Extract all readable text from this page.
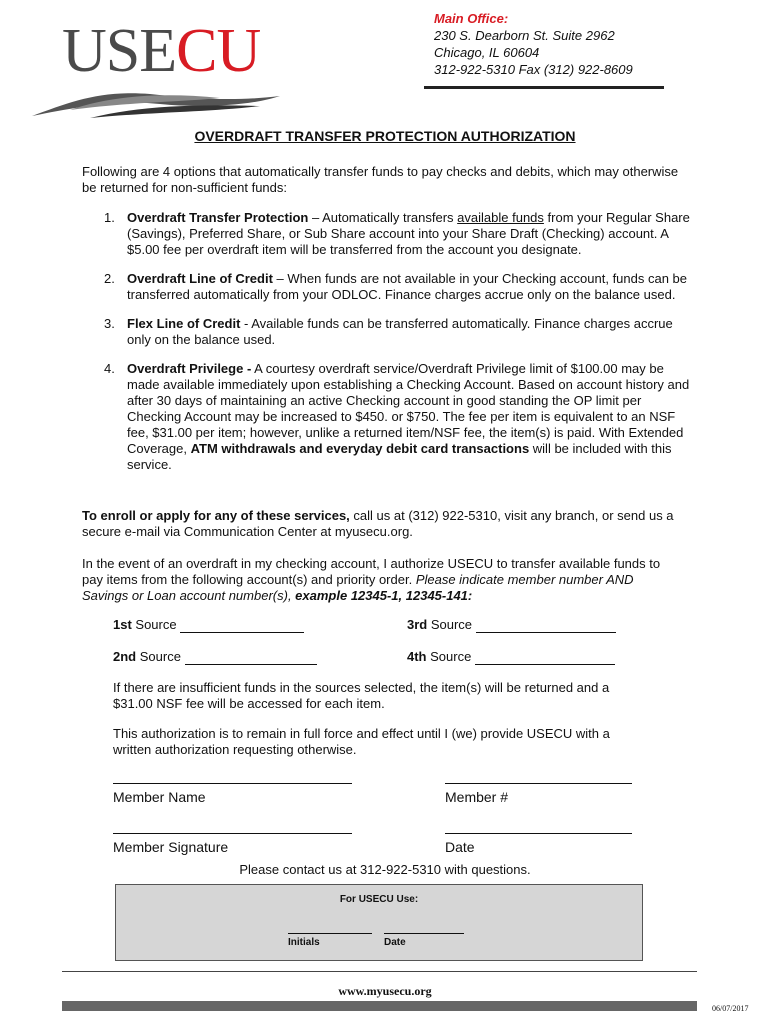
USECU	Main Office:
230 S. Dearborn St. Suite 2962
Chicago, IL 60604
312-922-5310 Fax (312) 922-8609
OVERDRAFT TRANSFER PROTECTION AUTHORIZATION
Following are 4 options that automatically transfer funds to pay checks and debits, which may otherwise
be returned for non-sufficient funds:
1. Overdraft Transfer Protection – Automatically transfers available funds from your Regular Share (Savings), Preferred Share, or Sub Share account into your Share Draft (Checking) account. A $5.00 fee per overdraft item will be transferred from the account you designate.
2. Overdraft Line of Credit – When funds are not available in your Checking account, funds can be transferred automatically from your ODLOC. Finance charges accrue only on the balance used.
3. Flex Line of Credit - Available funds can be transferred automatically. Finance charges accrue only on the balance used.
4. Overdraft Privilege - A courtesy overdraft service/Overdraft Privilege limit of $100.00 may be made available immediately upon establishing a Checking Account. Based on account history and after 30 days of maintaining an active Checking account in good standing the OP limit per Checking Account may be increased to $450. or $750. The fee per item is equivalent to an NSF fee, $31.00 per item; however, unlike a returned item/NSF fee, the item(s) is paid. With Extended Coverage, ATM withdrawals and everyday debit card transactions will be included with this service.
To enroll or apply for any of these services, call us at (312) 922-5310, visit any branch, or send us a
secure e-mail via Communication Center at myusecu.org.
In the event of an overdraft in my checking account, I authorize USECU to transfer available funds to
pay items from the following account(s) and priority order. Please indicate member number AND
Savings or Loan account number(s), example 12345-1, 12345-141:
1st Source	3rd Source
2nd Source	4th Source
If there are insufficient funds in the sources selected, the item(s) will be returned and a
$31.00 NSF fee will be accessed for each item.
This authorization is to remain in full force and effect until I (we) provide USECU with a
written authorization requesting otherwise.
Member Name	Member #
Member Signature	Date
Please contact us at 312-922-5310 with questions.
For USECU Use:
Initials	Date
www.myusecu.org
06/07/2017
